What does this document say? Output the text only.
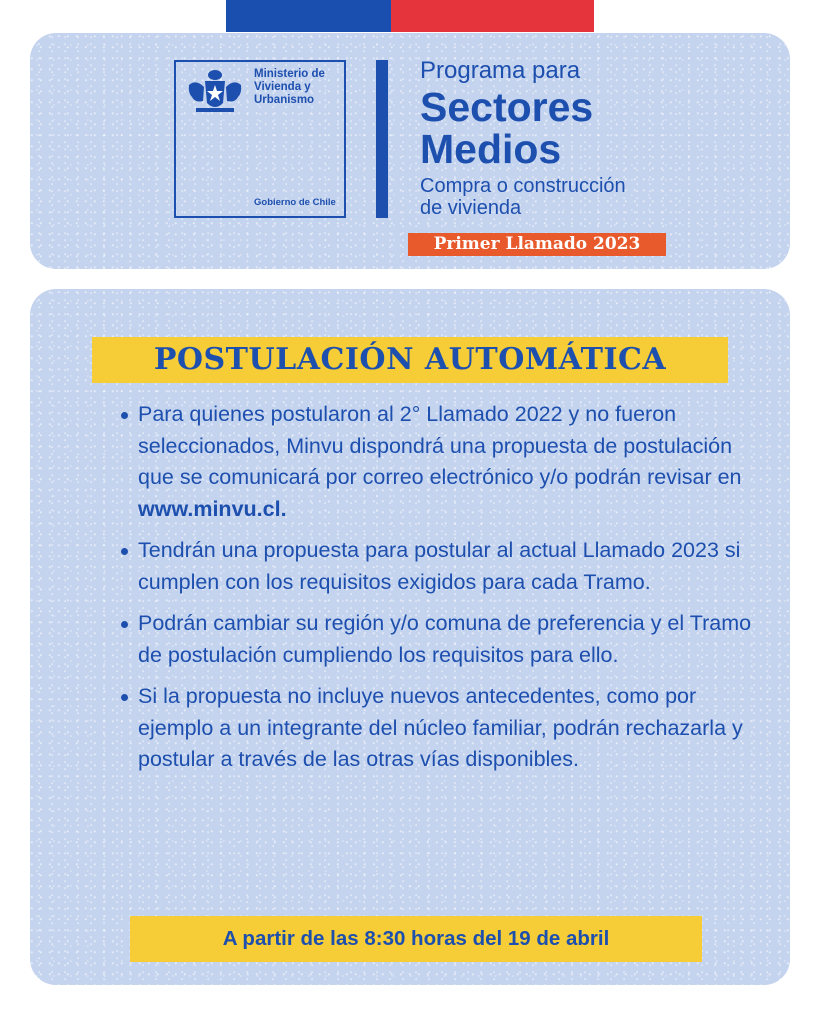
Ministerio de
Vivienda y
Urbanismo
Gobierno de Chile
Programa para
Sectores
Medios
Compra o construcción
de vivienda
Primer Llamado 2023
POSTULACIÓN AUTOMÁTICA
Para quienes postularon al 2° Llamado 2022 y no fueron seleccionados, Minvu dispondrá una propuesta de postulación que se comunicará por correo electrónico y/o podrán revisar en
www.minvu.cl.
Tendrán una propuesta para postular al actual Llamado 2023 si cumplen con los requisitos exigidos para cada Tramo.
Podrán cambiar su región y/o comuna de preferencia y el Tramo de postulación cumpliendo los requisitos para ello.
Si la propuesta no incluye nuevos antecedentes, como por ejemplo a un integrante del núcleo familiar, podrán rechazarla y postular a través de las otras vías disponibles.
A partir de las 8:30 horas del 19 de abril
